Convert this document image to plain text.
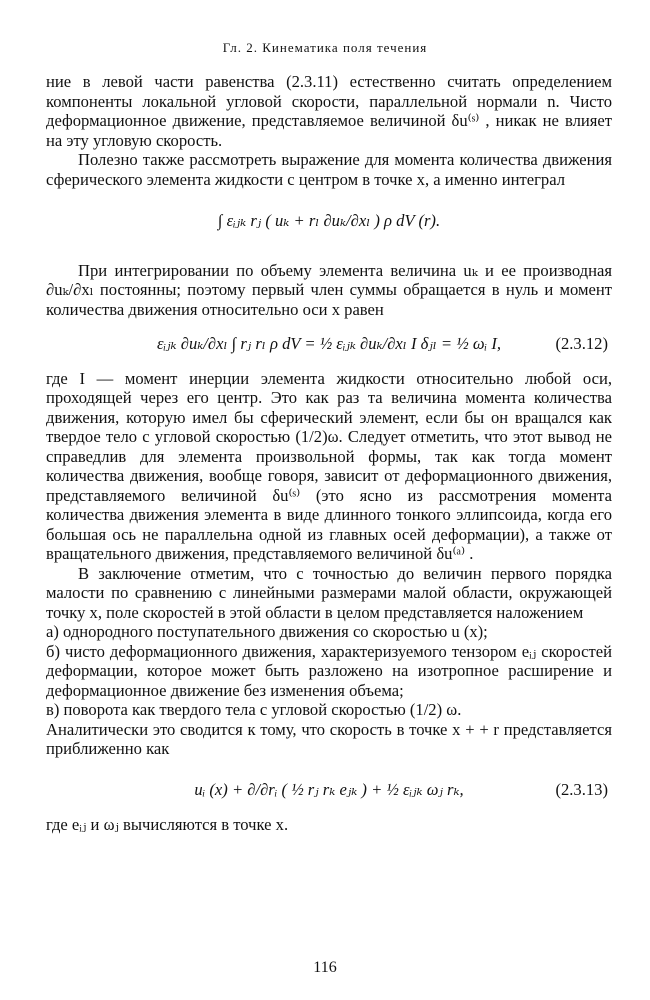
Гл. 2. Кинематика поля течения

ние в левой части равенства (2.3.11) естественно считать определением компоненты локальной угловой скорости, параллельной нормали n. Чисто деформационное движение, представляемое величиной δu⁽ˢ⁾ , никак не влияет на эту угловую скорость.

Полезно также рассмотреть выражение для момента количества движения сферического элемента жидкости с центром в точке x, а именно интеграл

∫ εᵢⱼₖ rⱼ ( uₖ + rₗ ∂uₖ/∂xₗ ) ρ dV (r).

При интегрировании по объему элемента величина uₖ и ее производная ∂uₖ/∂xₗ постоянны; поэтому первый член суммы обращается в нуль и момент количества движения относительно оси x равен

εᵢⱼₖ ∂uₖ/∂xₗ ∫ rⱼ rₗ ρ dV = ½ εᵢⱼₖ ∂uₖ/∂xₗ I δⱼₗ = ½ ωᵢ I,	(2.3.12)

где I — момент инерции элемента жидкости относительно любой оси, проходящей через его центр. Это как раз та величина момента количества движения, которую имел бы сферический элемент, если бы он вращался как твердое тело с угловой скоростью (1/2)ω. Следует отметить, что этот вывод не справедлив для элемента произвольной формы, так как тогда момент количества движения, вообще говоря, зависит от деформационного движения, представляемого величиной δu⁽ˢ⁾ (это ясно из рассмотрения момента количества движения элемента в виде длинного тонкого эллипсоида, когда его большая ось не параллельна одной из главных осей деформации), а также от вращательного движения, представляемого величиной δu⁽ᵃ⁾ .

В заключение отметим, что с точностью до величин первого порядка малости по сравнению с линейными размерами малой области, окружающей точку x, поле скоростей в этой области в целом представляется наложением

а) однородного поступательного движения со скоростью u (x);

б) чисто деформационного движения, характеризуемого тензором eᵢⱼ скоростей деформации, которое может быть разложено на изотропное расширение и деформационное движение без изменения объема;

в) поворота как твердого тела с угловой скоростью (1/2) ω.

Аналитически это сводится к тому, что скорость в точке x + + r представляется приближенно как

uᵢ (x) + ∂/∂rᵢ ( ½ rⱼ rₖ eⱼₖ ) + ½ εᵢⱼₖ ωⱼ rₖ,	(2.3.13)

где eᵢⱼ и ωⱼ вычисляются в точке x.

116
